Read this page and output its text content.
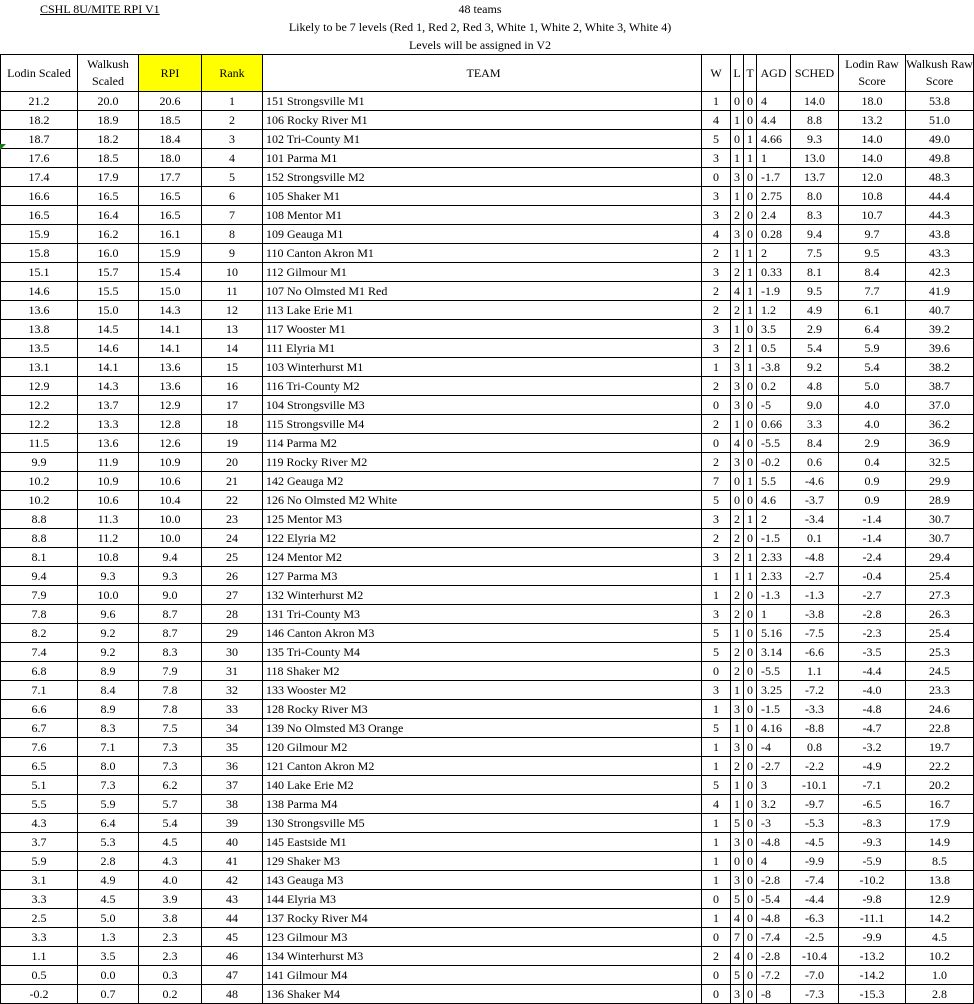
CSHL 8U/MITE RPI V1	48 teams
Likely to be 7 levels (Red 1, Red 2, Red 3, White 1, White 2, White 3, White 4)
Levels will be assigned in V2
Lodin Scaled	Walkush Scaled	RPI	Rank	TEAM	W	L	T	AGD	SCHED	Lodin Raw Score	Walkush Raw Score
21.2	20.0	20.6	1	151 Strongsville M1	1	0	0	4	14.0	18.0	53.8
18.2	18.9	18.5	2	106 Rocky River M1	4	1	0	4.4	8.8	13.2	51.0
18.7	18.2	18.4	3	102 Tri-County M1	5	0	1	4.66	9.3	14.0	49.0
17.6	18.5	18.0	4	101 Parma M1	3	1	1	1	13.0	14.0	49.8
17.4	17.9	17.7	5	152 Strongsville M2	0	3	0	-1.7	13.7	12.0	48.3
16.6	16.5	16.5	6	105 Shaker M1	3	1	0	2.75	8.0	10.8	44.4
16.5	16.4	16.5	7	108 Mentor M1	3	2	0	2.4	8.3	10.7	44.3
15.9	16.2	16.1	8	109 Geauga M1	4	3	0	0.28	9.4	9.7	43.8
15.8	16.0	15.9	9	110 Canton Akron M1	2	1	1	2	7.5	9.5	43.3
15.1	15.7	15.4	10	112 Gilmour M1	3	2	1	0.33	8.1	8.4	42.3
14.6	15.5	15.0	11	107 No Olmsted M1 Red	2	4	1	-1.9	9.5	7.7	41.9
13.6	15.0	14.3	12	113 Lake Erie M1	2	2	1	1.2	4.9	6.1	40.7
13.8	14.5	14.1	13	117 Wooster M1	3	1	0	3.5	2.9	6.4	39.2
13.5	14.6	14.1	14	111 Elyria M1	3	2	1	0.5	5.4	5.9	39.6
13.1	14.1	13.6	15	103 Winterhurst M1	1	3	1	-3.8	9.2	5.4	38.2
12.9	14.3	13.6	16	116 Tri-County M2	2	3	0	0.2	4.8	5.0	38.7
12.2	13.7	12.9	17	104 Strongsville M3	0	3	0	-5	9.0	4.0	37.0
12.2	13.3	12.8	18	115 Strongsville M4	2	1	0	0.66	3.3	4.0	36.2
11.5	13.6	12.6	19	114 Parma M2	0	4	0	-5.5	8.4	2.9	36.9
9.9	11.9	10.9	20	119 Rocky River M2	2	3	0	-0.2	0.6	0.4	32.5
10.2	10.9	10.6	21	142 Geauga M2	7	0	1	5.5	-4.6	0.9	29.9
10.2	10.6	10.4	22	126 No Olmsted M2 White	5	0	0	4.6	-3.7	0.9	28.9
8.8	11.3	10.0	23	125 Mentor M3	3	2	1	2	-3.4	-1.4	30.7
8.8	11.2	10.0	24	122 Elyria M2	2	2	0	-1.5	0.1	-1.4	30.7
8.1	10.8	9.4	25	124 Mentor M2	3	2	1	2.33	-4.8	-2.4	29.4
9.4	9.3	9.3	26	127 Parma M3	1	1	1	2.33	-2.7	-0.4	25.4
7.9	10.0	9.0	27	132 Winterhurst M2	1	2	0	-1.3	-1.3	-2.7	27.3
7.8	9.6	8.7	28	131 Tri-County M3	3	2	0	1	-3.8	-2.8	26.3
8.2	9.2	8.7	29	146 Canton Akron M3	5	1	0	5.16	-7.5	-2.3	25.4
7.4	9.2	8.3	30	135 Tri-County M4	5	2	0	3.14	-6.6	-3.5	25.3
6.8	8.9	7.9	31	118 Shaker M2	0	2	0	-5.5	1.1	-4.4	24.5
7.1	8.4	7.8	32	133 Wooster M2	3	1	0	3.25	-7.2	-4.0	23.3
6.6	8.9	7.8	33	128 Rocky River M3	1	3	0	-1.5	-3.3	-4.8	24.6
6.7	8.3	7.5	34	139 No Olmsted M3 Orange	5	1	0	4.16	-8.8	-4.7	22.8
7.6	7.1	7.3	35	120 Gilmour M2	1	3	0	-4	0.8	-3.2	19.7
6.5	8.0	7.3	36	121 Canton Akron M2	1	2	0	-2.7	-2.2	-4.9	22.2
5.1	7.3	6.2	37	140 Lake Erie M2	5	1	0	3	-10.1	-7.1	20.2
5.5	5.9	5.7	38	138 Parma M4	4	1	0	3.2	-9.7	-6.5	16.7
4.3	6.4	5.4	39	130 Strongsville M5	1	5	0	-3	-5.3	-8.3	17.9
3.7	5.3	4.5	40	145 Eastside M1	1	3	0	-4.8	-4.5	-9.3	14.9
5.9	2.8	4.3	41	129 Shaker M3	1	0	0	4	-9.9	-5.9	8.5
3.1	4.9	4.0	42	143 Geauga M3	1	3	0	-2.8	-7.4	-10.2	13.8
3.3	4.5	3.9	43	144 Elyria M3	0	5	0	-5.4	-4.4	-9.8	12.9
2.5	5.0	3.8	44	137 Rocky River M4	1	4	0	-4.8	-6.3	-11.1	14.2
3.3	1.3	2.3	45	123 Gilmour M3	0	7	0	-7.4	-2.5	-9.9	4.5
1.1	3.5	2.3	46	134 Winterhurst M3	2	4	0	-2.8	-10.4	-13.2	10.2
0.5	0.0	0.3	47	141 Gilmour M4	0	5	0	-7.2	-7.0	-14.2	1.0
-0.2	0.7	0.2	48	136 Shaker M4	0	3	0	-8	-7.3	-15.3	2.8
